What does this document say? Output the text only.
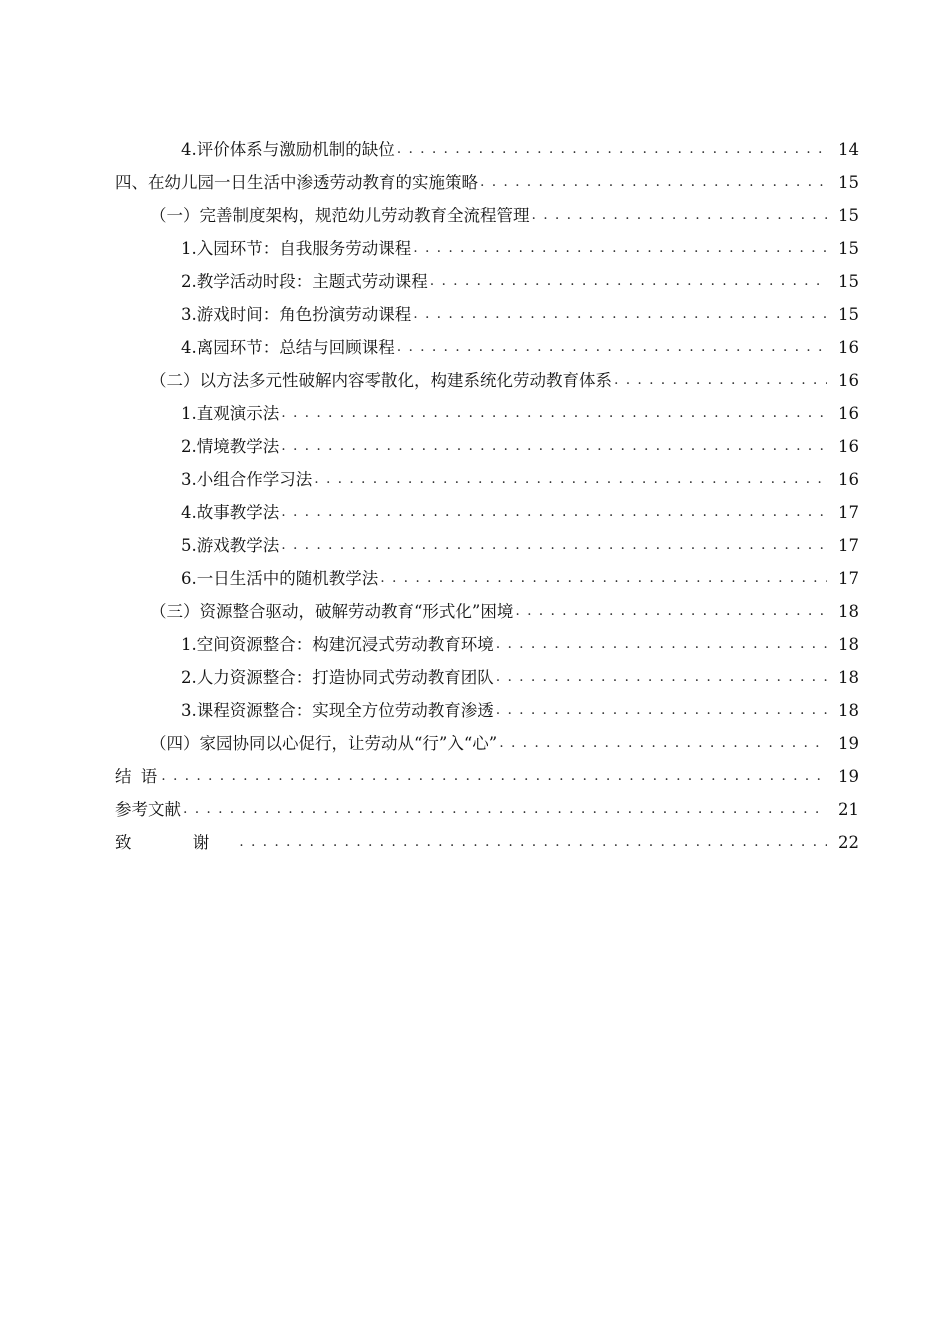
4.评价体系与激励机制的缺位 . . .	14
四、在幼儿园一日生活中渗透劳动教育的实施策略 . . .	15
（一）完善制度架构，规范幼儿劳动教育全流程管理 . . .	15
1.入园环节：自我服务劳动课程 . . .	15
2.教学活动时段：主题式劳动课程 . . .	15
3.游戏时间：角色扮演劳动课程 . . .	15
4.离园环节：总结与回顾课程 . . .	16
（二）以方法多元性破解内容零散化，构建系统化劳动教育体系 . . .	16
1.直观演示法 . . .	16
2.情境教学法 . . .	16
3.小组合作学习法 . . .	16
4.故事教学法 . . .	17
5.游戏教学法 . . .	17
6.一日生活中的随机教学法 . . .	17
（三）资源整合驱动，破解劳动教育“形式化”困境 . . .	18
1.空间资源整合：构建沉浸式劳动教育环境 . . .	18
2.人力资源整合：打造协同式劳动教育团队 . . .	18
3.课程资源整合：实现全方位劳动教育渗透 . . .	18
（四）家园协同以心促行，让劳动从“行”入“心” . . .	19
结 语 . . .	19
参考文献 . . .	21
致 谢 . . .	22
